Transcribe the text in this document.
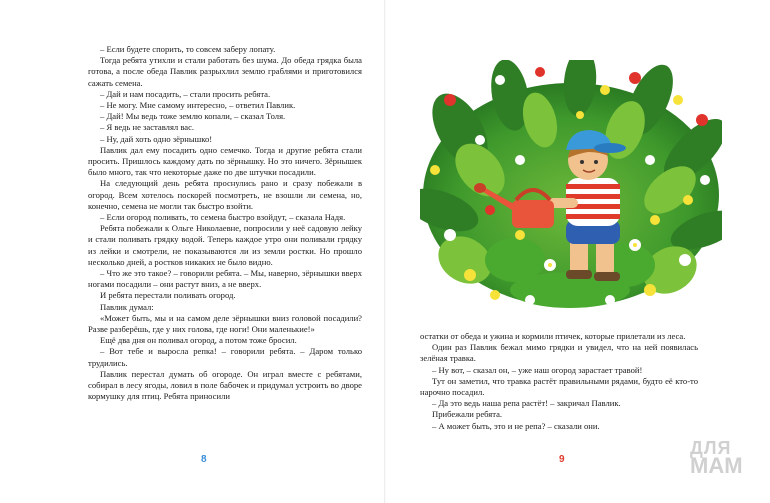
– Если будете спорить, то совсем заберу лопату.

Тогда ребята утихли и стали работать без шума. До обеда грядка была готова, а после обеда Павлик разрыхлил землю граблями и приготовился сажать семена.

– Дай и нам посадить, – стали просить ребята.

– Не могу. Мне самому интересно, – ответил Павлик.

– Дай! Мы ведь тоже землю копали, – сказал Толя.

– Я ведь не заставлял вас.

– Ну, дай хоть одно зёрнышко!

Павлик дал ему посадить одно семечко. Тогда и другие ребята стали просить. Пришлось каждому дать по зёрнышку. Но это ничего. Зёрнышек было много, так что некоторые даже по две штучки посадили.

На следующий день ребята проснулись рано и сразу побежали в огород. Всем хотелось поскорей посмотреть, не взошли ли семена, но, конечно, семена не могли так быстро взойти.

– Если огород поливать, то семена быстро взойдут, – сказала Надя.

Ребята побежали к Ольге Николаевне, попросили у неё садовую лейку и стали поливать грядку водой. Теперь каждое утро они поливали грядку из лейки и смотрели, не показываются ли из земли ростки. Но прошло несколько дней, а ростков никаких не было видно.

– Что же это такое? – говорили ребята. – Мы, наверно, зёрнышки вверх ногами посадили – они растут вниз, а не вверх.

И ребята перестали поливать огород.

Павлик думал:

«Может быть, мы и на самом деле зёрнышки вниз головой посадили? Разве разберёшь, где у них голова, где ноги! Они маленькие!»

Ещё два дня он поливал огород, а потом тоже бросил.

– Вот тебе и выросла репка! – говорили ребята. – Даром только трудились.

Павлик перестал думать об огороде. Он играл вместе с ребятами, собирал в лесу ягоды, ловил в поле бабочек и придумал устроить во дворе кормушку для птиц. Ребята приносили

8

остатки от обеда и ужина и кормили птичек, которые прилетали из леса.

Один раз Павлик бежал мимо грядки и увидел, что на ней появилась зелёная травка.

– Ну вот, – сказал он, – уже наш огород зарастает травой!

Тут он заметил, что травка растёт правильными рядами, будто её кто-то нарочно посадил.

– Да это ведь наша репа растёт! – закричал Павлик.

Прибежали ребята.

– А может быть, это и не репа? – сказали они.

9
ДЛЯ
МАМ
